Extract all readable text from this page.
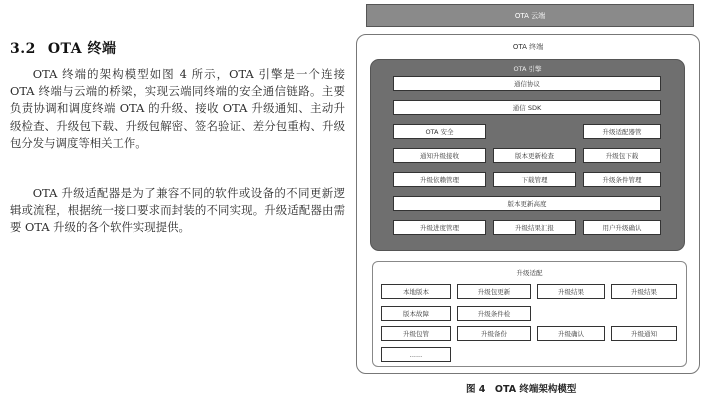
3.2 OTA 终端

OTA 终端的架构模型如图 4 所示，OTA 引擎是一个连接 OTA 终端与云端的桥梁，实现云端同终端的安全通信链路。主要负责协调和调度终端 OTA 的升级、接收 OTA 升级通知、主动升级检查、升级包下载、升级包解密、签名验证、差分包重构、升级包分发与调度等相关工作。

OTA 升级适配器是为了兼容不同的软件或设备的不同更新逻辑或流程，根据统一接口要求而封装的不同实现。升级适配器由需要 OTA 升级的各个软件实现提供。

OTA 云端
OTA 终端
OTA 引擎
通信协议
通信 SDK
OTA 安全	升级适配器管
通知升级接收	版本更新检查	升级包下载
升级依赖管理	下载管理	升级条件管理
版本更新高度
升级进度管理	升级结果汇报	用户升级确认
升级适配
本地版本	升级包更新	升级结果	升级结果
版本故障	升级条件检
升级包管	升级备份	升级确认	升级通知
......
图 4　OTA 终端架构模型
